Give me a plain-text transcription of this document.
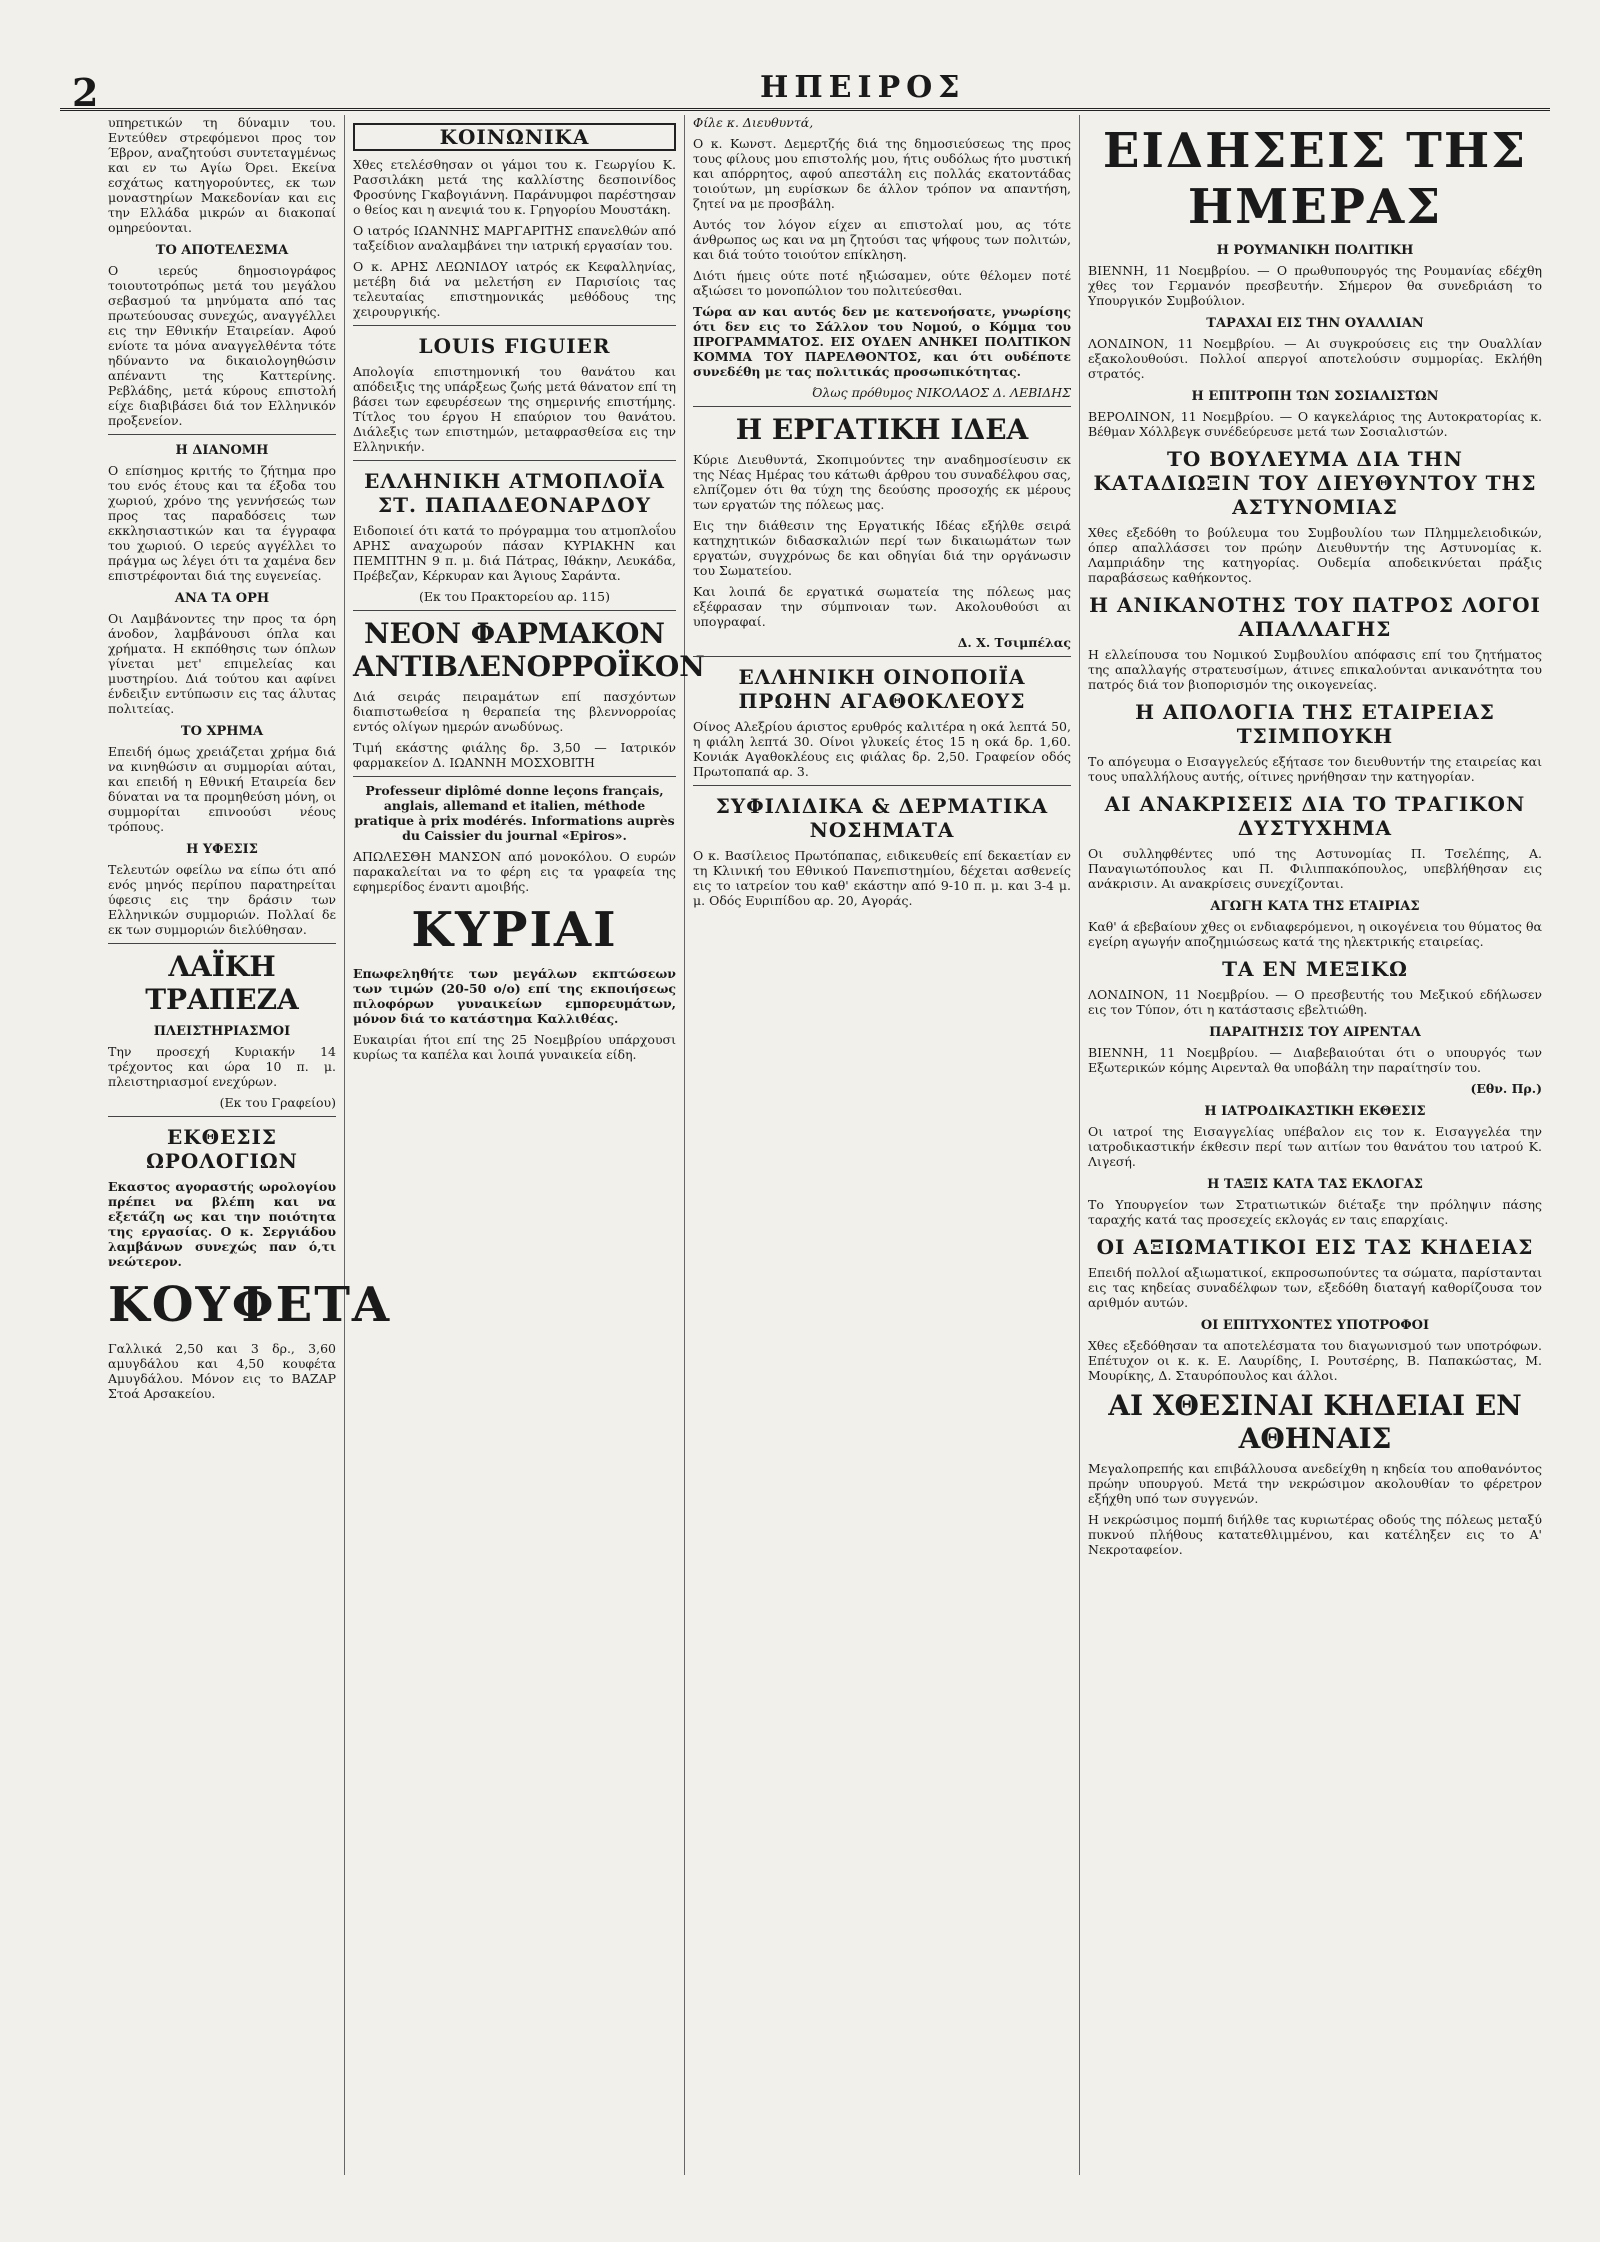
2	ΗΠΕΙΡΟΣ

υπηρετικών τη δύναμιν του. Εντεύθεν στρεφόμενοι προς τον Έβρον, αναζητούσι συντεταγμένως και εν τω Αγίω Όρει. Εκείνα εσχάτως κατηγορούντες, εκ των μοναστηρίων Μακεδονίαν και εις την Ελλάδα μικρών αι διακοπαί ομηρεύονται.

ΤΟ ΑΠΟΤΕΛΕΣΜΑ

Ο ιερεύς δημοσιογράφος τοιουτοτρόπως μετά του μεγάλου σεβασμού τα μηνύματα από τας πρωτεύουσας συνεχώς, αναγγέλλει εις την Εθνικήν Εταιρείαν. Αφού ενίοτε τα μόνα αναγγελθέντα τότε ηδύναντο να δικαιολογηθώσιν απέναντι της Καττερίνης. Ρεβλάδης, μετά κύρους επιστολή είχε διαβιβάσει διά τον Ελληνικόν προξενείον.

Η ΔΙΑΝΟΜΗ

Ο επίσημος κριτής το ζήτημα προ του ενός έτους και τα έξοδα του χωριού, χρόνο της γεννήσεώς των προς τας παραδόσεις των εκκλησιαστικών και τα έγγραφα του χωριού. Ο ιερεύς αγγέλλει το πράγμα ως λέγει ότι τα χαμένα δεν επιστρέφονται διά της ευγενείας.

ΑΝΑ ΤΑ ΟΡΗ

Οι Λαμβάνοντες την προς τα όρη άνοδον, λαμβάνουσι όπλα και χρήματα. Η εκπόθησις των όπλων γίνεται μετ' επιμελείας και μυστηρίου. Διά τούτου και αφίνει ένδειξιν εντύπωσιν εις τας άλυτας πολιτείας.

ΤΟ ΧΡΗΜΑ

Επειδή όμως χρειάζεται χρήμα διά να κινηθώσιν αι συμμορίαι αύται, και επειδή η Εθνική Εταιρεία δεν δύναται να τα προμηθεύση μόνη, οι συμμορίται επινοούσι νέους τρόπους.

Η ΥΦΕΣΙΣ

Τελευτών οφείλω να είπω ότι από ενός μηνός περίπου παρατηρείται ύφεσις εις την δράσιν των Ελληνικών συμμοριών. Πολλαί δε εκ των συμμοριών διελύθησαν.

ΛΑΪΚΗ ΤΡΑΠΕΖΑ
ΠΛΕΙΣΤΗΡΙΑΣΜΟΙ

Την προσεχή Κυριακήν 14 τρέχοντος και ώρα 10 π. μ. πλειστηριασμοί ενεχύρων.

(Εκ του Γραφείου)

ΕΚΘΕΣΙΣ ΩΡΟΛΟΓΙΩΝ

Εκαστος αγοραστής ωρολογίου πρέπει να βλέπη και να εξετάζη ως και την ποιότητα της εργασίας. Ο κ. Σεργιάδου λαμβάνων συνεχώς παν ό,τι νεώτερον.

ΚΟΥΦΕΤΑ

Γαλλικά 2,50 και 3 δρ., 3,60 αμυγδάλου και 4,50 κουφέτα Αμυγδάλου. Μόνον εις το ΒΑΖΑΡ Στοά Αρσακείου.

ΚΟΙΝΩΝΙΚΑ

Χθες ετελέσθησαν οι γάμοι του κ. Γεωργίου Κ. Ρασσιλάκη μετά της καλλίστης δεσποινίδος Φροσύνης Γκαβογιάννη. Παράνυμφοι παρέστησαν ο θείος και η ανεψιά του κ. Γρηγορίου Μουστάκη.

Ο ιατρός ΙΩΑΝΝΗΣ ΜΑΡΓΑΡΙΤΗΣ επανελθών από ταξείδιον αναλαμβάνει την ιατρική εργασίαν του.

Ο κ. ΑΡΗΣ ΛΕΩΝΙΔΟΥ ιατρός εκ Κεφαλληνίας, μετέβη διά να μελετήση εν Παρισίοις τας τελευταίας επιστημονικάς μεθόδους της χειρουργικής.

LOUIS FIGUIER

Απολογία επιστημονική του θανάτου και απόδειξις της υπάρξεως ζωής μετά θάνατον επί τη βάσει των εφευρέσεων της σημερινής επιστήμης. Τίτλος του έργου Η επαύριον του θανάτου. Διάλεξις των επιστημών, μεταφρασθείσα εις την Ελληνικήν.

ΕΛΛΗΝΙΚΗ ΑΤΜΟΠΛΟΪΑ ΣΤ. ΠΑΠΑΔΕΟΝΑΡΔΟΥ

Ειδοποιεί ότι κατά το πρόγραμμα του ατμοπλοΐου ΑΡΗΣ αναχωρούν πάσαν ΚΥΡΙΑΚΗΝ και ΠΕΜΠΤΗΝ 9 π. μ. διά Πάτρας, Ιθάκην, Λευκάδα, Πρέβεζαν, Κέρκυραν και Άγιους Σαράντα.

(Εκ του Πρακτορείου αρ. 115)

ΝΕΟΝ ΦΑΡΜΑΚΟΝ ΑΝΤΙΒΛΕΝΟΡΡΟΪΚΟΝ

Διά σειράς πειραμάτων επί πασχόντων διαπιστωθείσα η θεραπεία της βλεννορροίας εντός ολίγων ημερών ανωδύνως.

Τιμή εκάστης φιάλης δρ. 3,50 — Ιατρικόν φαρμακείον Δ. ΙΩΑΝΝΗ ΜΟΣΧΟΒΙΤΗ

Professeur diplômé donne leçons français, anglais, allemand et italien, méthode pratique à prix modérés. Informations auprès du Caissier du journal «Epiros».

ΑΠΩΛΕΣΘΗ ΜΑΝΣΟΝ από μονοκόλου. Ο ευρών παρακαλείται να το φέρη εις τα γραφεία της εφημερίδος έναντι αμοιβής.

ΚΥΡΙΑΙ

Επωφεληθήτε των μεγάλων εκπτώσεων των τιμών (20-50 ο/ο) επί της εκποιήσεως πιλοφόρων γυναικείων εμπορευμάτων, μόνον διά το κατάστημα Καλλιθέας.

Ευκαιρίαι ήτοι επί της 25 Νοεμβρίου υπάρχουσι κυρίως τα καπέλα και λοιπά γυναικεία είδη.

Φίλε κ. Διευθυντά,

Ο κ. Κωνστ. Δεμερτζής διά της δημοσιεύσεως της προς τους φίλους μου επιστολής μου, ήτις ουδόλως ήτο μυστική και απόρρητος, αφού απεστάλη εις πολλάς εκατοντάδας τοιούτων, μη ευρίσκων δε άλλον τρόπον να απαντήση, ζητεί να με προσβάλη.

Αυτός τον λόγον είχεν αι επιστολαί μου, ας τότε άνθρωπος ως και να μη ζητούσι τας ψήφους των πολιτών, και διά τούτο τοιούτον επίκληση.

Διότι ήμεις ούτε ποτέ ηξιώσαμεν, ούτε θέλομεν ποτέ αξιώσει το μονοπώλιον του πολιτεύεσθαι.

Τώρα αν και αυτός δεν με κατενοήσατε, γνωρίσης ότι δεν εις το Σάλλον του Νομού, ο Κόμμα του ΠΡΟΓΡΑΜΜΑΤΟΣ. ΕΙΣ ΟΥΔΕΝ ΑΝΗΚΕΙ ΠΟΛΙΤΙΚΟΝ ΚΟΜΜΑ ΤΟΥ ΠΑΡΕΛΘΟΝΤΟΣ, και ότι ουδέποτε συνεδέθη με τας πολιτικάς προσωπικότητας.

Όλως πρόθυμος ΝΙΚΟΛΑΟΣ Δ. ΛΕΒΙΔΗΣ

Η ΕΡΓΑΤΙΚΗ ΙΔΕΑ

Κύριε Διευθυντά, Σκοπιμούντες την αναδημοσίευσιν εκ της Νέας Ημέρας του κάτωθι άρθρου του συναδέλφου σας, ελπίζομεν ότι θα τύχη της δεούσης προσοχής εκ μέρους των εργατών της πόλεως μας.

Εις την διάθεσιν της Εργατικής Ιδέας εξήλθε σειρά κατηχητικών διδασκαλιών περί των δικαιωμάτων των εργατών, συγχρόνως δε και οδηγίαι διά την οργάνωσιν του Σωματείου.

Και λοιπά δε εργατικά σωματεία της πόλεως μας εξέφρασαν την σύμπνοιαν των. Ακολουθούσι αι υπογραφαί.

Δ. Χ. Τσιμπέλας

ΕΛΛΗΝΙΚΗ ΟΙΝΟΠΟΙΪΑ ΠΡΩΗΝ ΑΓΑΘΟΚΛΕΟΥΣ

Οίνος Αλεξρίου άριστος ερυθρός καλιτέρα η οκά λεπτά 50, η φιάλη λεπτά 30. Οίνοι γλυκείς έτος 15 η οκά δρ. 1,60. Κονιάκ Αγαθοκλέους εις φιάλας δρ. 2,50. Γραφείον οδός Πρωτοπαπά αρ. 3.

ΣΥΦΙΛΙΔΙΚΑ & ΔΕΡΜΑΤΙΚΑ ΝΟΣΗΜΑΤΑ

Ο κ. Βασίλειος Πρωτόπαπας, ειδικευθείς επί δεκαετίαν εν τη Κλινική του Εθνικού Πανεπιστημίου, δέχεται ασθενείς εις το ιατρείον του καθ' εκάστην από 9-10 π. μ. και 3-4 μ. μ. Οδός Ευριπίδου αρ. 20, Αγοράς.

ΕΙΔΗΣΕΙΣ ΤΗΣ ΗΜΕΡΑΣ
Η ΡΟΥΜΑΝΙΚΗ ΠΟΛΙΤΙΚΗ

ΒΙΕΝΝΗ, 11 Νοεμβρίου. — Ο πρωθυπουργός της Ρουμανίας εδέχθη χθες τον Γερμανόν πρεσβευτήν. Σήμερον θα συνεδριάση το Υπουργικόν Συμβούλιον.

ΤΑΡΑΧΑΙ ΕΙΣ ΤΗΝ ΟΥΑΛΛΙΑΝ

ΛΟΝΔΙΝΟΝ, 11 Νοεμβρίου. — Αι συγκρούσεις εις την Ουαλλίαν εξακολουθούσι. Πολλοί απεργοί αποτελούσιν συμμορίας. Εκλήθη στρατός.

Η ΕΠΙΤΡΟΠΗ ΤΩΝ ΣΟΣΙΑΛΙΣΤΩΝ

ΒΕΡΟΛΙΝΟΝ, 11 Νοεμβρίου. — Ο καγκελάριος της Αυτοκρατορίας κ. Βέθμαν Χόλλβεγκ συνέδεύρευσε μετά των Σοσιαλιστών.

ΤΟ ΒΟΥΛΕΥΜΑ ΔΙΑ ΤΗΝ ΚΑΤΑΔΙΩΞΙΝ ΤΟΥ ΔΙΕΥΘΥΝΤΟΥ ΤΗΣ ΑΣΤΥΝΟΜΙΑΣ

Χθες εξεδόθη το βούλευμα του Συμβουλίου των Πλημμελειοδικών, όπερ απαλλάσσει τον πρώην Διευθυντήν της Αστυνομίας κ. Λαμπριάδην της κατηγορίας. Ουδεμία αποδεικνύεται πράξις παραβάσεως καθήκοντος.

Η ΑΝΙΚΑΝΟΤΗΣ ΤΟΥ ΠΑΤΡΟΣ ΛΟΓΟΙ ΑΠΑΛΛΑΓΗΣ

Η ελλείπουσα του Νομικού Συμβουλίου απόφασις επί του ζητήματος της απαλλαγής στρατευσίμων, άτινες επικαλούνται ανικανότητα του πατρός διά τον βιοπορισμόν της οικογενείας.

Η ΑΠΟΛΟΓΙΑ ΤΗΣ ΕΤΑΙΡΕΙΑΣ ΤΣΙΜΠΟΥΚΗ

Το απόγευμα ο Εισαγγελεύς εξήτασε τον διευθυντήν της εταιρείας και τους υπαλλήλους αυτής, οίτινες ηρνήθησαν την κατηγορίαν.

ΑΙ ΑΝΑΚΡΙΣΕΙΣ ΔΙΑ ΤΟ ΤΡΑΓΙΚΟΝ ΔΥΣΤΥΧΗΜΑ

Οι συλληφθέντες υπό της Αστυνομίας Π. Τσελέπης, Α. Παναγιωτόπουλος και Π. Φιλιππακόπουλος, υπεβλήθησαν εις ανάκρισιν. Αι ανακρίσεις συνεχίζονται.

ΑΓΩΓΗ ΚΑΤΑ ΤΗΣ ΕΤΑΙΡΙΑΣ

Καθ' ά εβεβαίουν χθες οι ενδιαφερόμενοι, η οικογένεια του θύματος θα εγείρη αγωγήν αποζημιώσεως κατά της ηλεκτρικής εταιρείας.

ΤΑ ΕΝ ΜΕΞΙΚΩ

ΛΟΝΔΙΝΟΝ, 11 Νοεμβρίου. — Ο πρεσβευτής του Μεξικού εδήλωσεν εις τον Τύπον, ότι η κατάστασις εβελτιώθη.

ΠΑΡΑΙΤΗΣΙΣ ΤΟΥ ΑΙΡΕΝΤΑΛ

ΒΙΕΝΝΗ, 11 Νοεμβρίου. — Διαβεβαιούται ότι ο υπουργός των Εξωτερικών κόμης Αιρενταλ θα υποβάλη την παραίτησίν του.

(Εθν. Πρ.)

Η ΙΑΤΡΟΔΙΚΑΣΤΙΚΗ ΕΚΘΕΣΙΣ

Οι ιατροί της Εισαγγελίας υπέβαλον εις τον κ. Εισαγγελέα την ιατροδικαστικήν έκθεσιν περί των αιτίων του θανάτου του ιατρού Κ. Λιγεσή.

Η ΤΑΞΙΣ ΚΑΤΑ ΤΑΣ ΕΚΛΟΓΑΣ

Το Υπουργείον των Στρατιωτικών διέταξε την πρόληψιν πάσης ταραχής κατά τας προσεχείς εκλογάς εν ταις επαρχίαις.

ΟΙ ΑΞΙΩΜΑΤΙΚΟΙ ΕΙΣ ΤΑΣ ΚΗΔΕΙΑΣ

Επειδή πολλοί αξιωματικοί, εκπροσωπούντες τα σώματα, παρίστανται εις τας κηδείας συναδέλφων των, εξεδόθη διαταγή καθορίζουσα τον αριθμόν αυτών.

ΟΙ ΕΠΙΤΥΧΟΝΤΕΣ ΥΠΟΤΡΟΦΟΙ

Χθες εξεδόθησαν τα αποτελέσματα του διαγωνισμού των υποτρόφων. Επέτυχον οι κ. κ. Ε. Λαυρίδης, Ι. Ρουτσέρης, Β. Παπακώστας, Μ. Μουρίκης, Δ. Σταυρόπουλος και άλλοι.

ΑΙ ΧΘΕΣΙΝΑΙ ΚΗΔΕΙΑΙ ΕΝ ΑΘΗΝΑΙΣ

Μεγαλοπρεπής και επιβάλλουσα ανεδείχθη η κηδεία του αποθανόντος πρώην υπουργού. Μετά την νεκρώσιμον ακολουθίαν το φέρετρον εξήχθη υπό των συγγενών.

Η νεκρώσιμος πομπή διήλθε τας κυριωτέρας οδούς της πόλεως μεταξύ πυκνού πλήθους κατατεθλιμμένου, και κατέληξεν εις το Α' Νεκροταφείον.
